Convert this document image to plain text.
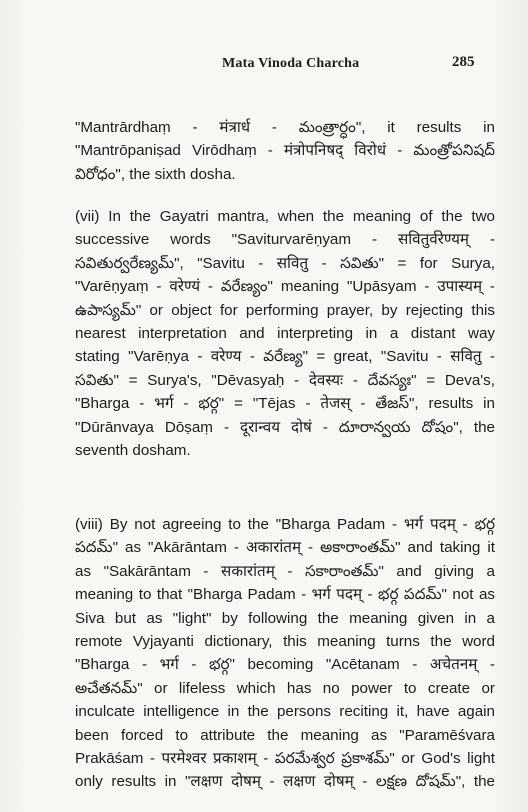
Mata Vinoda Charcha	285
"Mantrārdhaṃ - मंत्रार्ध - మంత్రార్ధం", it results in
"Mantrōpaniṣad Virōdhaṃ - मंत्रोपनिषद् विरोधं - మంత్రోపనిషద్
విరోధం", the sixth dosha.
(vii) In the Gayatri mantra, when the meaning of the two
successive words "Saviturvarēṇyam - सवितुर्वरेण्यम् -
సవితుర్వరేణ్యమ్", "Savitu - सवितु - సవితు" = for Surya,
"Varēṇyaṃ - वरेण्यं - వరేణ్యం" meaning "Upāsyam - उपास्यम् -
ఉపాస్యమ్" or object for performing prayer, by rejecting this
nearest interpretation and interpreting in a distant way
stating "Varēṇya - वरेण्य - వరేణ్య" = great, "Savitu - सवितु -
సవితు" = Surya's, "Dēvasyaḥ - देवस्यः - దేవస్యః" = Deva's,
"Bharga - भर्ग - భర్గ" = "Tējas - तेजस् - తేజస్", results in
"Dūrānvaya Dōṣaṃ - दूरान्वय दोषं - దూరాన్వయ దోషం", the
seventh dosham.
(viii) By not agreeing to the "Bharga Padam - भर्ग पदम् - భర్గ
పదమ్" as "Akārāntam - अकारांतम् - అకారాంతమ్" and taking it
as "Sakārāntam - सकारांतम् - సకారాంతమ్" and giving a
meaning to that "Bharga Padam - भर्ग पदम् - భర్గ పదమ్" not as
Siva but as "light" by following the meaning given in a
remote Vyjayanti dictionary, this meaning turns the word
"Bharga - भर्ग - భర్గ" becoming "Acētanam - अचेतनम् -
అచేతనమ్" or lifeless which has no power to create or
inculcate intelligence in the persons reciting it, have again
been forced to attribute the meaning as "Paramēśvara
Prakāśam - परमेश्वर प्रकाशम् - పరమేశ్వర ప్రకాశమ్" or God's light
only results in "लक्षण दोषम् - लक्षण दोषम् - లక్షణ దోషమ్", the
